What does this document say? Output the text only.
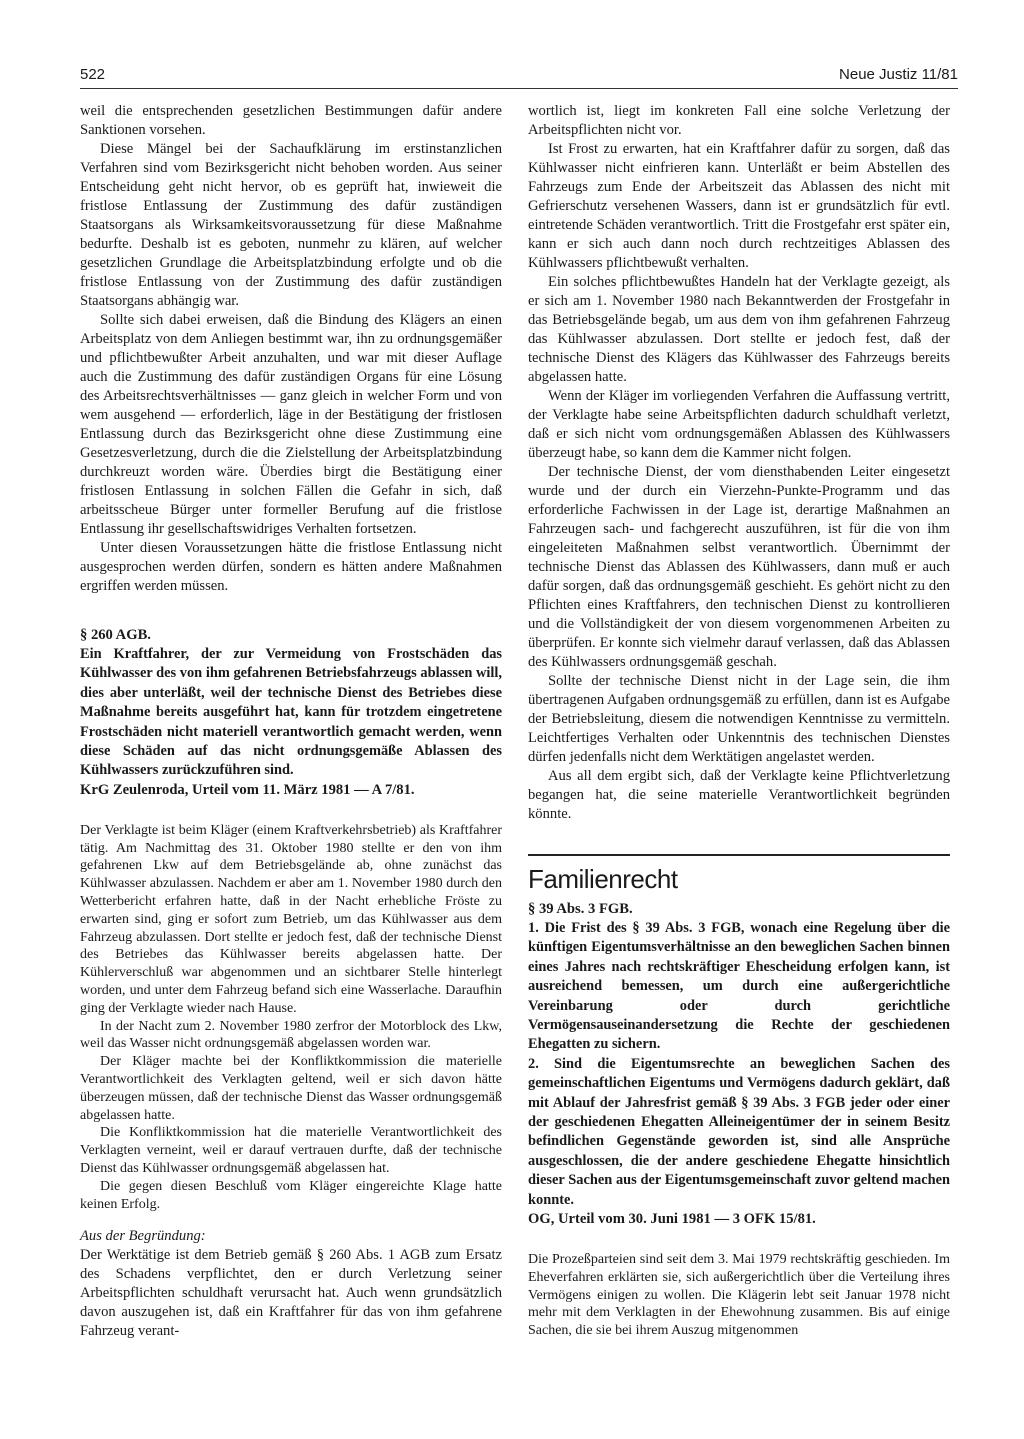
522	Neue Justiz 11/81

weil die entsprechenden gesetzlichen Bestimmungen dafür andere Sanktionen vorsehen.

Diese Mängel bei der Sachaufklärung im erstinstanzlichen Verfahren sind vom Bezirksgericht nicht behoben worden. Aus seiner Entscheidung geht nicht hervor, ob es geprüft hat, inwieweit die fristlose Entlassung der Zustimmung des dafür zuständigen Staatsorgans als Wirksamkeitsvoraussetzung für diese Maßnahme bedurfte. Deshalb ist es geboten, nunmehr zu klären, auf welcher gesetzlichen Grundlage die Arbeitsplatzbindung erfolgte und ob die fristlose Entlassung von der Zustimmung des dafür zuständigen Staatsorgans abhängig war.

Sollte sich dabei erweisen, daß die Bindung des Klägers an einen Arbeitsplatz von dem Anliegen bestimmt war, ihn zu ordnungsgemäßer und pflichtbewußter Arbeit anzuhalten, und war mit dieser Auflage auch die Zustimmung des dafür zuständigen Organs für eine Lösung des Arbeitsrechtsverhältnisses — ganz gleich in welcher Form und von wem ausgehend — erforderlich, läge in der Bestätigung der fristlosen Entlassung durch das Bezirksgericht ohne diese Zustimmung eine Gesetzesverletzung, durch die die Zielstellung der Arbeitsplatzbindung durchkreuzt worden wäre. Überdies birgt die Bestätigung einer fristlosen Entlassung in solchen Fällen die Gefahr in sich, daß arbeitsscheue Bürger unter formeller Berufung auf die fristlose Entlassung ihr gesellschaftswidriges Verhalten fortsetzen.

Unter diesen Voraussetzungen hätte die fristlose Entlassung nicht ausgesprochen werden dürfen, sondern es hätten andere Maßnahmen ergriffen werden müssen.

§ 260 AGB.

Ein Kraftfahrer, der zur Vermeidung von Frostschäden das Kühlwasser des von ihm gefahrenen Betriebsfahrzeugs ablassen will, dies aber unterläßt, weil der technische Dienst des Betriebes diese Maßnahme bereits ausgeführt hat, kann für trotzdem eingetretene Frostschäden nicht materiell verantwortlich gemacht werden, wenn diese Schäden auf das nicht ordnungsgemäße Ablassen des Kühlwassers zurückzuführen sind.

KrG Zeulenroda, Urteil vom 11. März 1981 — A 7/81.

Der Verklagte ist beim Kläger (einem Kraftverkehrsbetrieb) als Kraftfahrer tätig. Am Nachmittag des 31. Oktober 1980 stellte er den von ihm gefahrenen Lkw auf dem Betriebsgelände ab, ohne zunächst das Kühlwasser abzulassen. Nachdem er aber am 1. November 1980 durch den Wetterbericht erfahren hatte, daß in der Nacht erhebliche Fröste zu erwarten sind, ging er sofort zum Betrieb, um das Kühlwasser aus dem Fahrzeug abzulassen. Dort stellte er jedoch fest, daß der technische Dienst des Betriebes das Kühlwasser bereits abgelassen hatte. Der Kühlerverschluß war abgenommen und an sichtbarer Stelle hinterlegt worden, und unter dem Fahrzeug befand sich eine Wasserlache. Daraufhin ging der Verklagte wieder nach Hause.

In der Nacht zum 2. November 1980 zerfror der Motorblock des Lkw, weil das Wasser nicht ordnungsgemäß abgelassen worden war.

Der Kläger machte bei der Konfliktkommission die materielle Verantwortlichkeit des Verklagten geltend, weil er sich davon hätte überzeugen müssen, daß der technische Dienst das Wasser ordnungsgemäß abgelassen hatte.

Die Konfliktkommission hat die materielle Verantwortlichkeit des Verklagten verneint, weil er darauf vertrauen durfte, daß der technische Dienst das Kühlwasser ordnungsgemäß abgelassen hat.

Die gegen diesen Beschluß vom Kläger eingereichte Klage hatte keinen Erfolg.

Aus der Begründung:

Der Werktätige ist dem Betrieb gemäß § 260 Abs. 1 AGB zum Ersatz des Schadens verpflichtet, den er durch Verletzung seiner Arbeitspflichten schuldhaft verursacht hat. Auch wenn grundsätzlich davon auszugehen ist, daß ein Kraftfahrer für das von ihm gefahrene Fahrzeug verant-

wortlich ist, liegt im konkreten Fall eine solche Verletzung der Arbeitspflichten nicht vor.

Ist Frost zu erwarten, hat ein Kraftfahrer dafür zu sorgen, daß das Kühlwasser nicht einfrieren kann. Unterläßt er beim Abstellen des Fahrzeugs zum Ende der Arbeitszeit das Ablassen des nicht mit Gefrierschutz versehenen Wassers, dann ist er grundsätzlich für evtl. eintretende Schäden verantwortlich. Tritt die Frostgefahr erst später ein, kann er sich auch dann noch durch rechtzeitiges Ablassen des Kühlwassers pflichtbewußt verhalten.

Ein solches pflichtbewußtes Handeln hat der Verklagte gezeigt, als er sich am 1. November 1980 nach Bekanntwerden der Frostgefahr in das Betriebsgelände begab, um aus dem von ihm gefahrenen Fahrzeug das Kühlwasser abzulassen. Dort stellte er jedoch fest, daß der technische Dienst des Klägers das Kühlwasser des Fahrzeugs bereits abgelassen hatte.

Wenn der Kläger im vorliegenden Verfahren die Auffassung vertritt, der Verklagte habe seine Arbeitspflichten dadurch schuldhaft verletzt, daß er sich nicht vom ordnungsgemäßen Ablassen des Kühlwassers überzeugt habe, so kann dem die Kammer nicht folgen.

Der technische Dienst, der vom diensthabenden Leiter eingesetzt wurde und der durch ein Vierzehn-Punkte-Programm und das erforderliche Fachwissen in der Lage ist, derartige Maßnahmen an Fahrzeugen sach- und fachgerecht auszuführen, ist für die von ihm eingeleiteten Maßnahmen selbst verantwortlich. Übernimmt der technische Dienst das Ablassen des Kühlwassers, dann muß er auch dafür sorgen, daß das ordnungsgemäß geschieht. Es gehört nicht zu den Pflichten eines Kraftfahrers, den technischen Dienst zu kontrollieren und die Vollständigkeit der von diesem vorgenommenen Arbeiten zu überprüfen. Er konnte sich vielmehr darauf verlassen, daß das Ablassen des Kühlwassers ordnungsgemäß geschah.

Sollte der technische Dienst nicht in der Lage sein, die ihm übertragenen Aufgaben ordnungsgemäß zu erfüllen, dann ist es Aufgabe der Betriebsleitung, diesem die notwendigen Kenntnisse zu vermitteln. Leichtfertiges Verhalten oder Unkenntnis des technischen Dienstes dürfen jedenfalls nicht dem Werktätigen angelastet werden.

Aus all dem ergibt sich, daß der Verklagte keine Pflichtverletzung begangen hat, die seine materielle Verantwortlichkeit begründen könnte.

Familienrecht

§ 39 Abs. 3 FGB.

1. Die Frist des § 39 Abs. 3 FGB, wonach eine Regelung über die künftigen Eigentumsverhältnisse an den beweglichen Sachen binnen eines Jahres nach rechtskräftiger Ehescheidung erfolgen kann, ist ausreichend bemessen, um durch eine außergerichtliche Vereinbarung oder durch gerichtliche Vermögensauseinandersetzung die Rechte der geschiedenen Ehegatten zu sichern.

2. Sind die Eigentumsrechte an beweglichen Sachen des gemeinschaftlichen Eigentums und Vermögens dadurch geklärt, daß mit Ablauf der Jahresfrist gemäß § 39 Abs. 3 FGB jeder oder einer der geschiedenen Ehegatten Alleineigentümer der in seinem Besitz befindlichen Gegenstände geworden ist, sind alle Ansprüche ausgeschlossen, die der andere geschiedene Ehegatte hinsichtlich dieser Sachen aus der Eigentumsgemeinschaft zuvor geltend machen konnte.

OG, Urteil vom 30. Juni 1981 — 3 OFK 15/81.

Die Prozeßparteien sind seit dem 3. Mai 1979 rechtskräftig geschieden. Im Eheverfahren erklärten sie, sich außergerichtlich über die Verteilung ihres Vermögens einigen zu wollen. Die Klägerin lebt seit Januar 1978 nicht mehr mit dem Verklagten in der Ehewohnung zusammen. Bis auf einige Sachen, die sie bei ihrem Auszug mitgenommen
